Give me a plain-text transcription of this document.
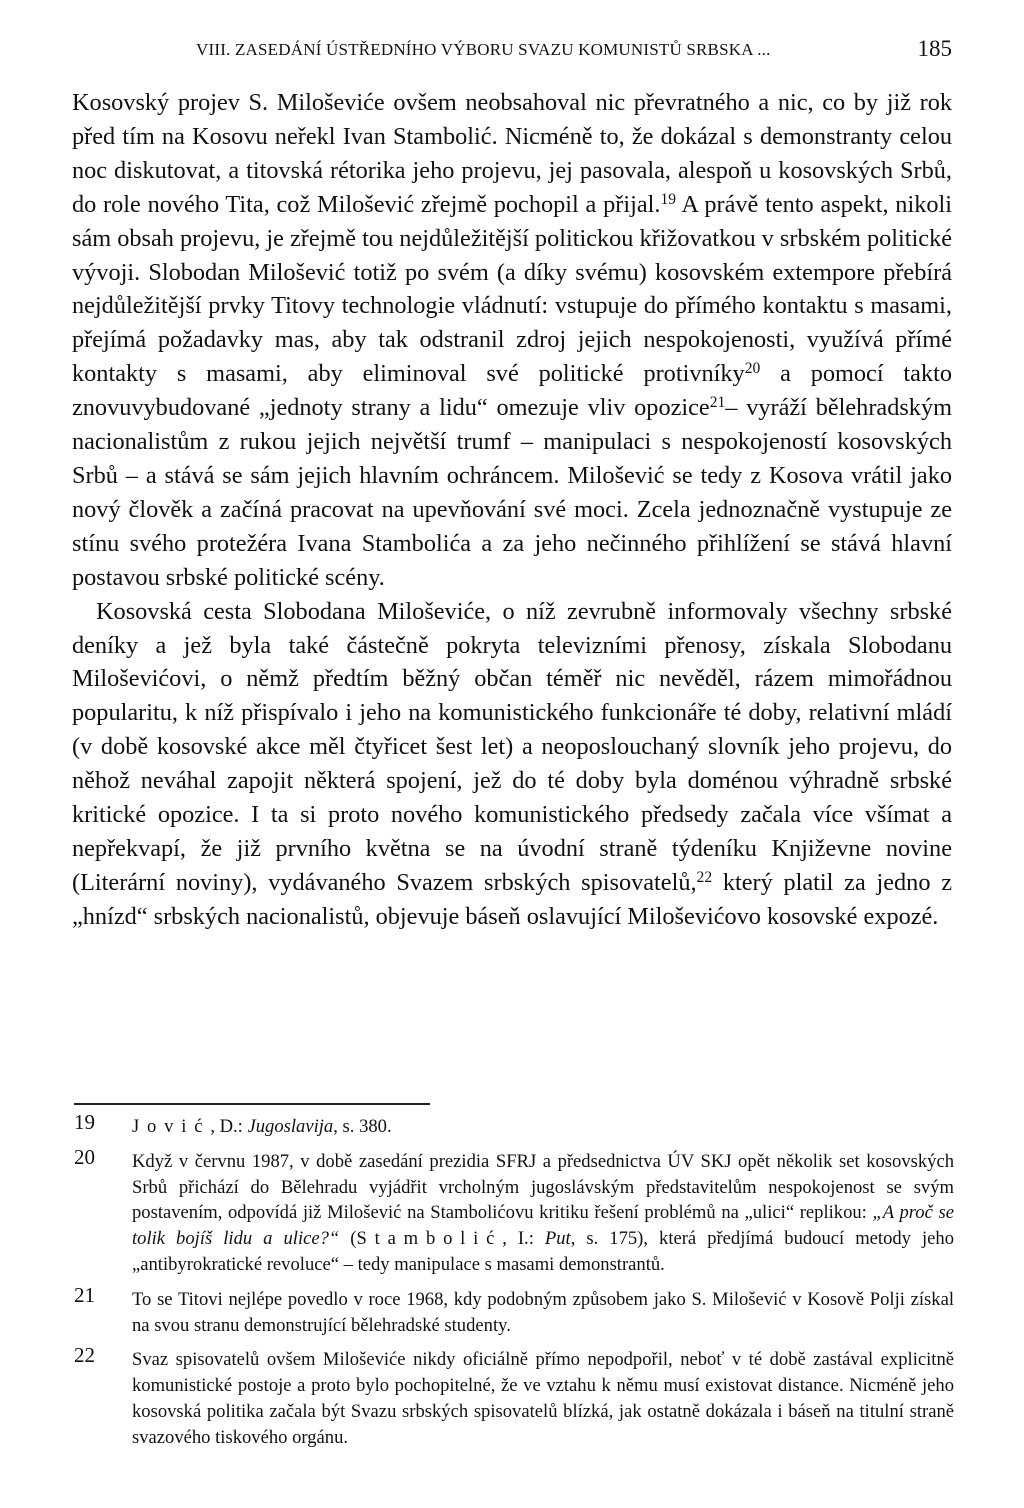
VIII. ZASEDÁNÍ ÚSTŘEDNÍHO VÝBORU SVAZU KOMUNISTŮ SRBSKA ...	185

Kosovský projev S. Miloševiće ovšem neobsahoval nic převratného a nic, co by již rok před tím na Kosovu neřekl Ivan Stambolić. Nicméně to, že dokázal s demonstranty celou noc diskutovat, a titovská rétorika jeho projevu, jej pasovala, alespoň u kosovských Srbů, do role nového Tita, což Milošević zřejmě pochopil a přijal.$^{19}$ A právě tento aspekt, nikoli sám obsah projevu, je zřejmě tou nejdůležitější politickou křižovatkou v srbském politické vývoji. Slobodan Milošević totiž po svém (a díky svému) kosovském extempore přebírá nejdůležitější prvky Titovy technologie vládnutí: vstupuje do přímého kontaktu s masami, přejímá požadavky mas, aby tak odstranil zdroj jejich nespokojenosti, využívá přímé kontakty s masami, aby eliminoval své politické protivníky$^{20}$ a pomocí takto znovuvybudované „jednoty strany a lidu“ omezuje vliv opozice$^{21}$– vyráží bělehradským nacionalistům z rukou jejich největší trumf – manipulaci s nespokojeností kosovských Srbů – a stává se sám jejich hlavním ochráncem. Milošević se tedy z Kosova vrátil jako nový člověk a začíná pracovat na upevňování své moci. Zcela jednoznačně vystupuje ze stínu svého protežéra Ivana Stambolića a za jeho nečinného přihlížení se stává hlavní postavou srbské politické scény.

Kosovská cesta Slobodana Miloševiće, o níž zevrubně informovaly všechny srbské deníky a jež byla také částečně pokryta televizními přenosy, získala Slobodanu Miloševićovi, o němž předtím běžný občan téměř nic nevěděl, rázem mimořádnou popularitu, k níž přispívalo i jeho na komunistického funkcionáře té doby, relativní mládí (v době kosovské akce měl čtyřicet šest let) a neoposlouchaný slovník jeho projevu, do něhož neváhal zapojit některá spojení, jež do té doby byla doménou výhradně srbské kritické opozice. I ta si proto nového komunistického předsedy začala více všímat a nepřekvapí, že již prvního května se na úvodní straně týdeníku Književne novine (Literární noviny), vydávaného Svazem srbských spisovatelů,$^{22}$ který platil za jedno z „hnízd“ srbských nacionalistů, objevuje báseň oslavující Miloševićovo kosovské expozé.

19 Jović, D.: Jugoslavija, s. 380.
20 Když v červnu 1987, v době zasedání prezidia SFRJ a předsednictva ÚV SKJ opět několik set kosovských Srbů přichází do Bělehradu vyjádřit vrcholným jugoslávským představitelům nespokojenost se svým postavením, odpovídá již Milošević na Stambolićovu kritiku řešení problémů na „ulici“ replikou: „A proč se tolik bojíš lidu a ulice?“ (Stambolić, I.: Put, s. 175), která předjímá budoucí metody jeho „antibyrokratické revoluce“ – tedy manipulace s masami demonstrantů.
21 To se Titovi nejlépe povedlo v roce 1968, kdy podobným způsobem jako S. Milošević v Kosově Polji získal na svou stranu demonstrující bělehradské studenty.
22 Svaz spisovatelů ovšem Miloševiće nikdy oficiálně přímo nepodpořil, neboť v té době zastával explicitně komunistické postoje a proto bylo pochopitelné, že ve vztahu k němu musí existovat distance. Nicméně jeho kosovská politika začala být Svazu srbských spisovatelů blízká, jak ostatně dokázala i báseň na titulní straně svazového tiskového orgánu.
